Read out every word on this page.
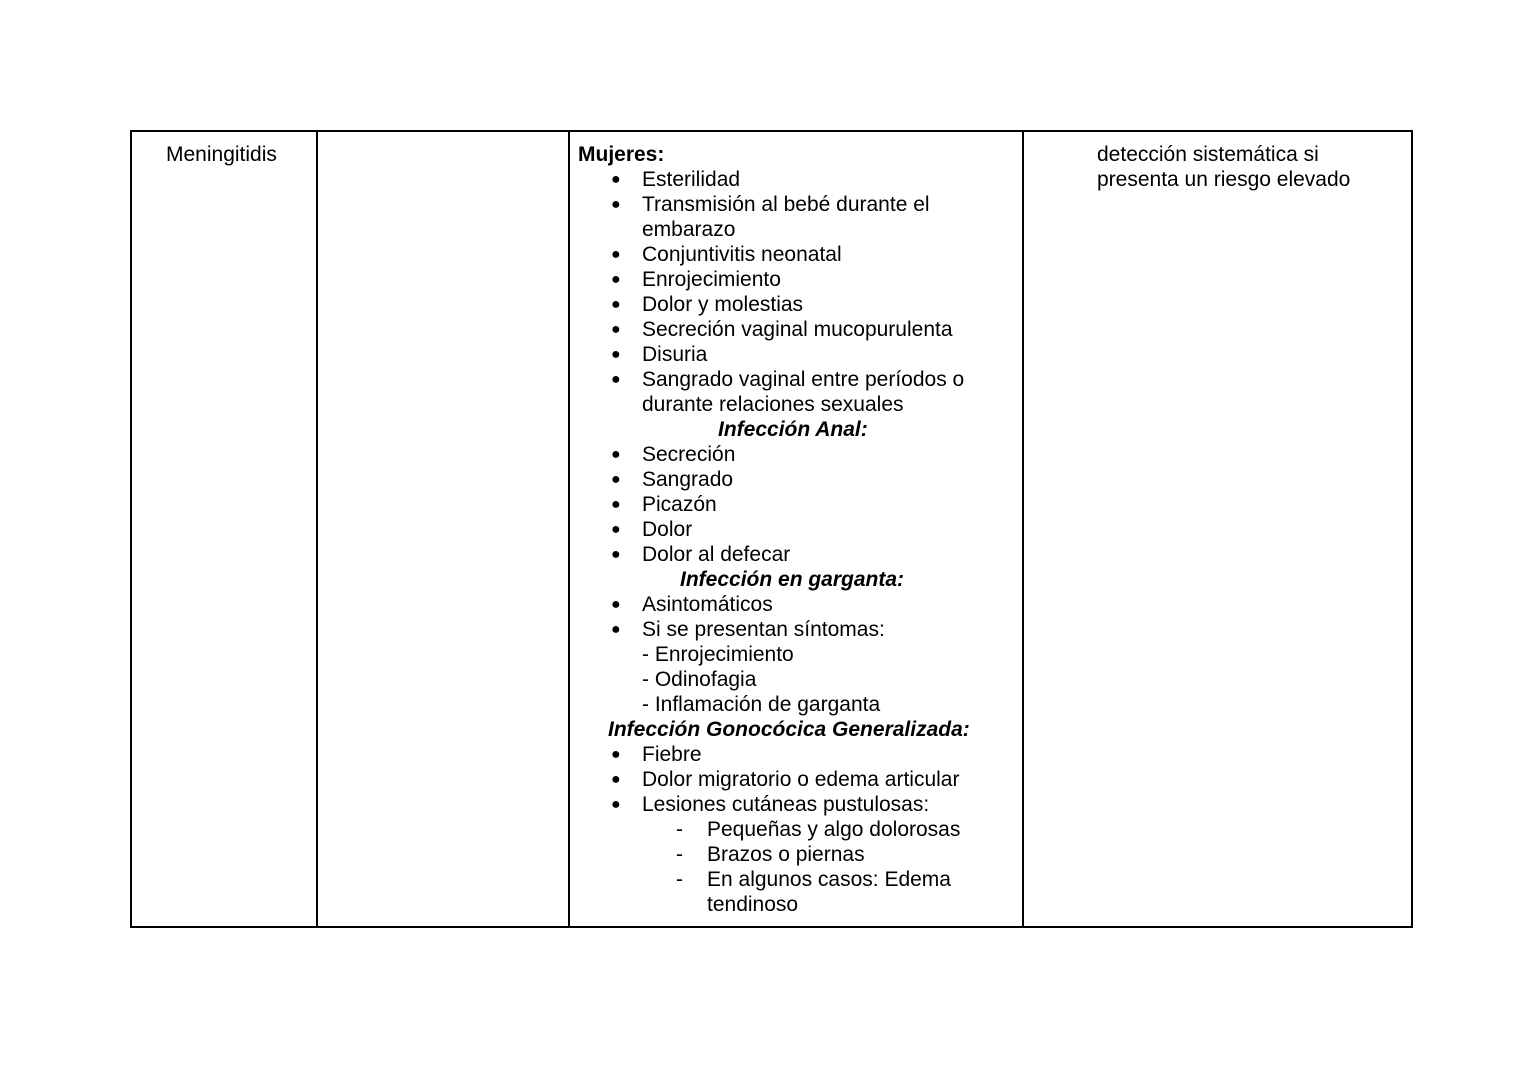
Meningitidis	Mujeres:
● Esterilidad
● Transmisión al bebé durante el
embarazo
● Conjuntivitis neonatal
● Enrojecimiento
● Dolor y molestias
● Secreción vaginal mucopurulenta
● Disuria
● Sangrado vaginal entre períodos o
durante relaciones sexuales
Infección Anal:
● Secreción
● Sangrado
● Picazón
● Dolor
● Dolor al defecar
Infección en garganta:
● Asintomáticos
● Si se presentan síntomas:
- Enrojecimiento
- Odinofagia
- Inflamación de garganta
Infección Gonocócica Generalizada:
● Fiebre
● Dolor migratorio o edema articular
● Lesiones cutáneas pustulosas:
- Pequeñas y algo dolorosas
- Brazos o piernas
- En algunos casos: Edema
tendinoso
detección sistemática si
presenta un riesgo elevado
